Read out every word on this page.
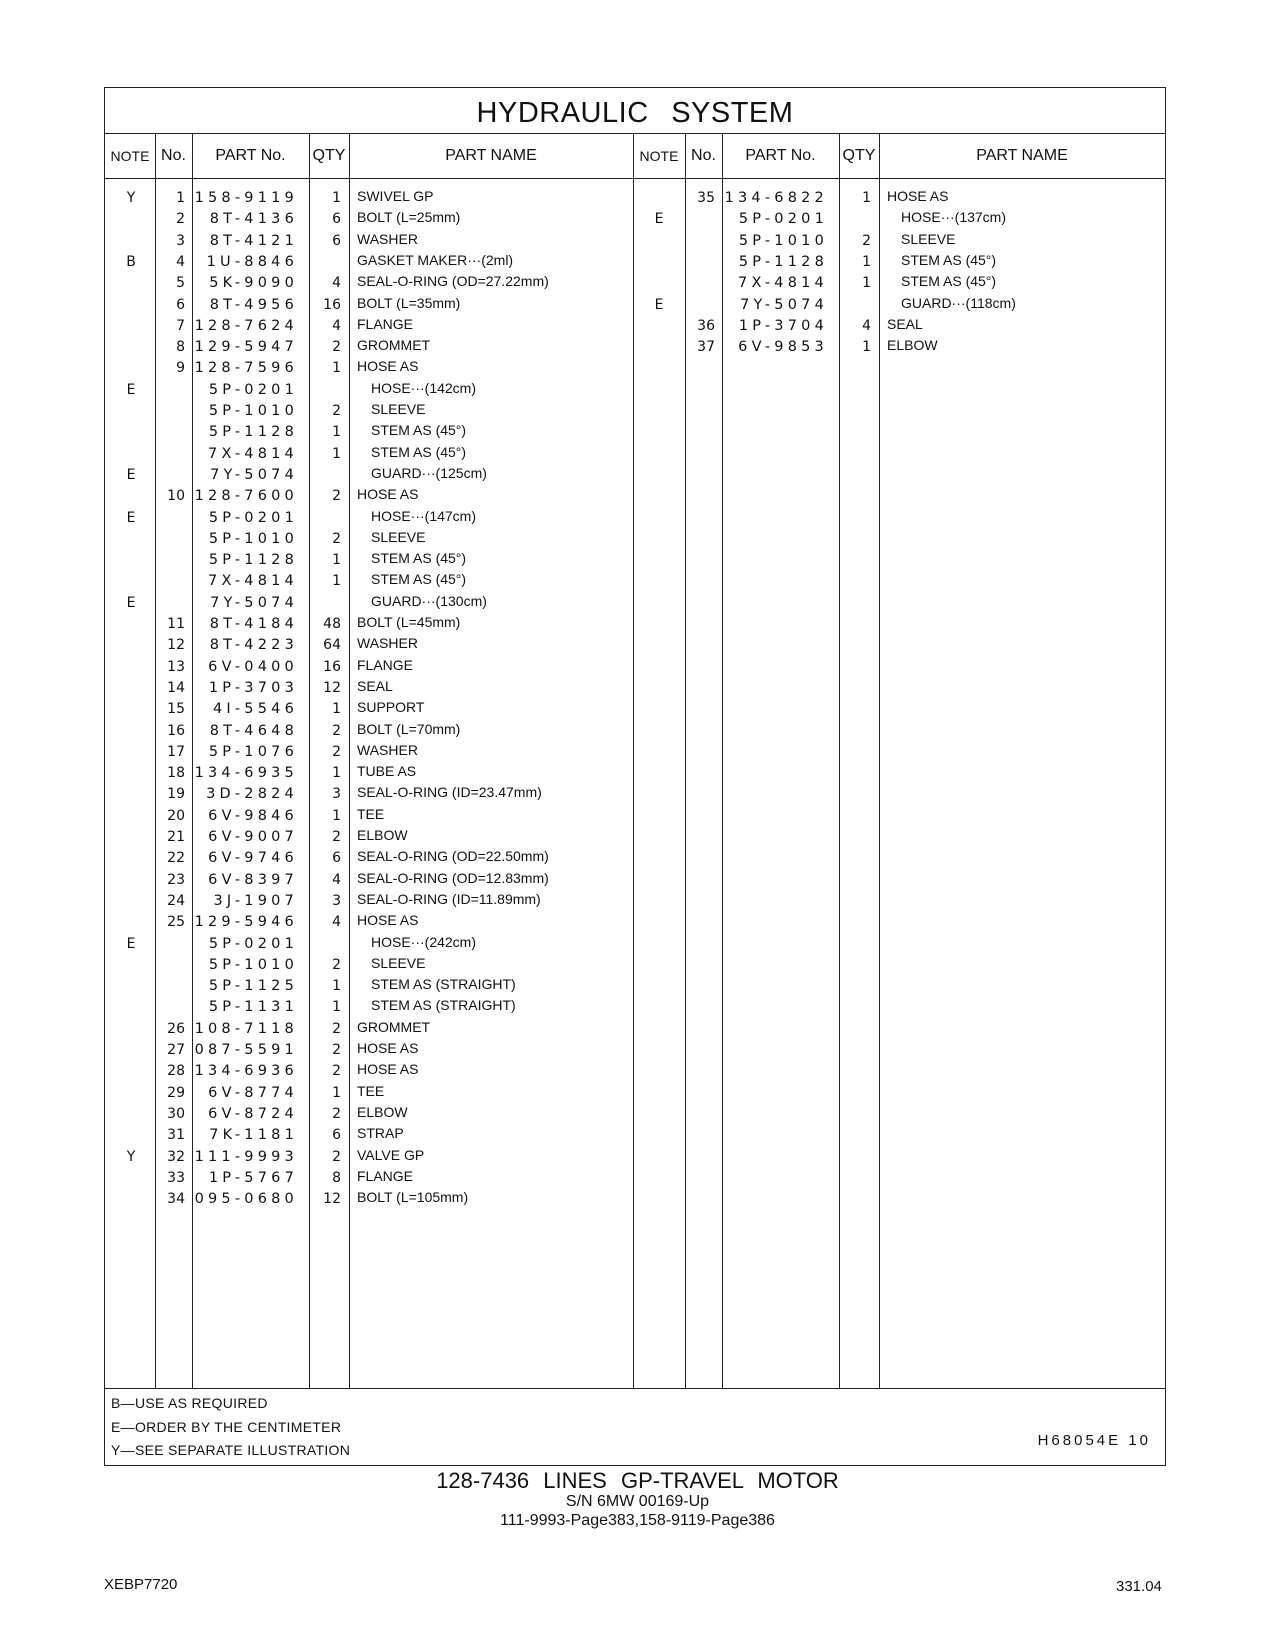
HYDRAULIC SYSTEM
NOTE No.	PART No.	QTY	PART NAME	NOTE No.	PART No.	QTY	PART NAME
Y	1 158-9119	1 SWIVEL GP
2	8T-4136	6 BOLT (L=25mm)
3	8T-4121	6 WASHER
B	4	1U-8846	GASKET MAKER···(2ml)
5	5K-9090	4 SEAL-O-RING (OD=27.22mm)
6	8T-4956	16 BOLT (L=35mm)
7 128-7624	4 FLANGE
8 129-5947	2 GROMMET
9 128-7596	1 HOSE AS
E	5P-0201	HOSE···(142cm)
5P-1010	2	SLEEVE
5P-1128	1	STEM AS (45°)
7X-4814	1	STEM AS (45°)
E	7Y-5074	GUARD···(125cm)
10 128-7600	2 HOSE AS
E	5P-0201	HOSE···(147cm)
5P-1010	2	SLEEVE
5P-1128	1	STEM AS (45°)
7X-4814	1	STEM AS (45°)
E	7Y-5074	GUARD···(130cm)
11	8T-4184	48 BOLT (L=45mm)
12	8T-4223	64 WASHER
13	6V-0400	16 FLANGE
14	1P-3703	12 SEAL
15	4I-5546	1 SUPPORT
16	8T-4648	2 BOLT (L=70mm)
17	5P-1076	2 WASHER
18 134-6935	1 TUBE AS
19	3D-2824	3 SEAL-O-RING (ID=23.47mm)
20	6V-9846	1 TEE
21	6V-9007	2 ELBOW
22	6V-9746	6 SEAL-O-RING (OD=22.50mm)
23	6V-8397	4 SEAL-O-RING (OD=12.83mm)
24	3J-1907	3 SEAL-O-RING (ID=11.89mm)
25 129-5946	4 HOSE AS
E	5P-0201	HOSE···(242cm)
5P-1010	2	SLEEVE
5P-1125	1	STEM AS (STRAIGHT)
5P-1131	1	STEM AS (STRAIGHT)
26 108-7118	2 GROMMET
27 087-5591	2 HOSE AS
28 134-6936	2 HOSE AS
29	6V-8774	1 TEE
30	6V-8724	2 ELBOW
31	7K-1181	6 STRAP
Y	32 111-9993	2 VALVE GP
33	1P-5767	8 FLANGE
34 095-0680	12 BOLT (L=105mm)
35 134-6822	1 HOSE AS
E	5P-0201	HOSE···(137cm)
5P-1010	2	SLEEVE
5P-1128	1	STEM AS (45°)
7X-4814	1	STEM AS (45°)
E	7Y-5074	GUARD···(118cm)
36	1P-3704	4 SEAL
37	6V-9853	1 ELBOW
B—USE AS REQUIRED
E—ORDER BY THE CENTIMETER
Y—SEE SEPARATE ILLUSTRATION
H68054E 10
128-7436 LINES GP-TRAVEL MOTOR
S/N 6MW 00169-Up
111-9993-Page383,158-9119-Page386
XEBP7720	331.04
